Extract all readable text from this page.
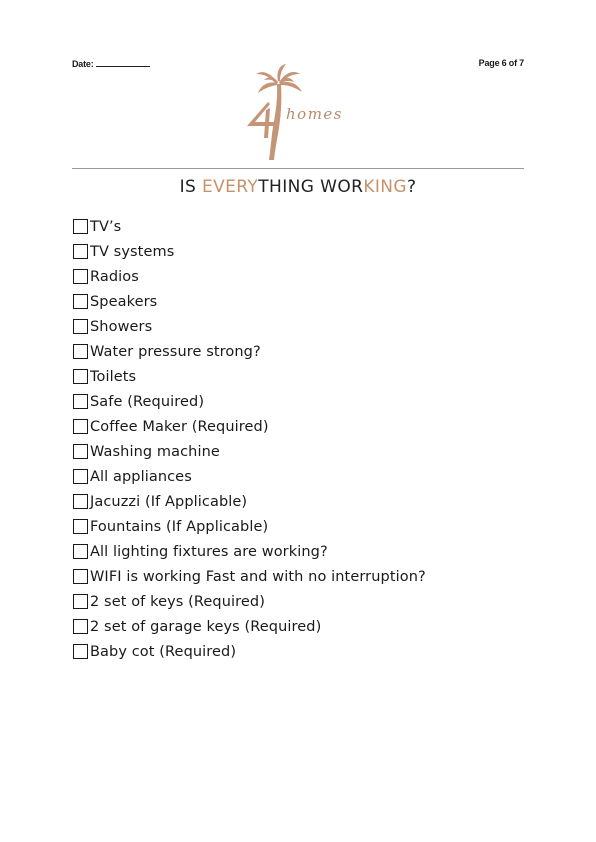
Date:	Page 6 of 7
homes
IS EVERYTHING WORKING?
TV’s
TV systems
Radios
Speakers
Showers
Water pressure strong?
Toilets
Safe (Required)
Coffee Maker (Required)
Washing machine
All appliances
Jacuzzi (If Applicable)
Fountains (If Applicable)
All lighting fixtures are working?
WIFI is working Fast and with no interruption?
2 set of keys (Required)
2 set of garage keys (Required)
Baby cot (Required)
